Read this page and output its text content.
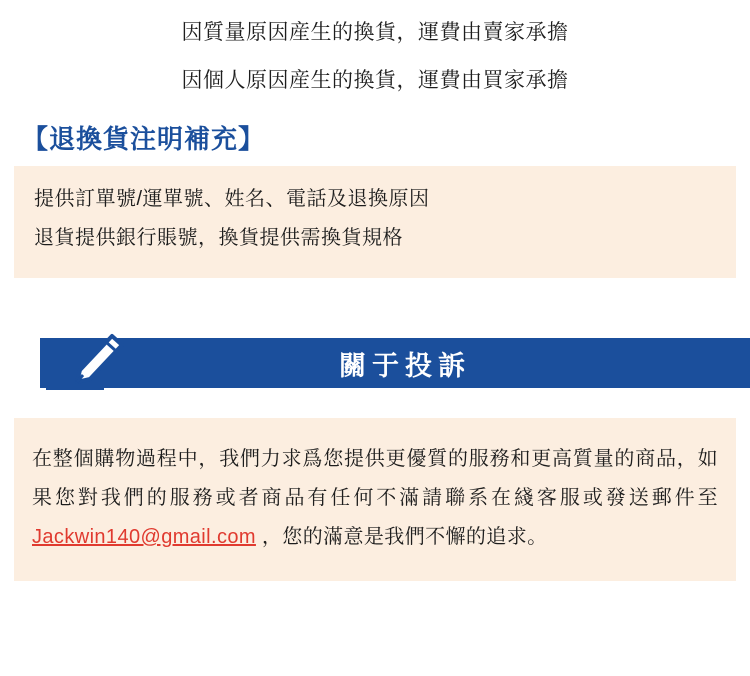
因質量原因産生的換貨，運費由賣家承擔

因個人原因産生的換貨，運費由買家承擔

【退換貨注明補充】

提供訂單號/運單號、姓名、電話及退換原因

退貨提供銀行賬號，換貨提供需換貨規格

關于投訴

在整個購物過程中，我們力求爲您提供更優質的服務和更高質量的商品，如果您對我們的服務或者商品有任何不滿請聯系在綫客服或發送郵件至 Jackwin140@gmail.com ，您的滿意是我們不懈的追求。
